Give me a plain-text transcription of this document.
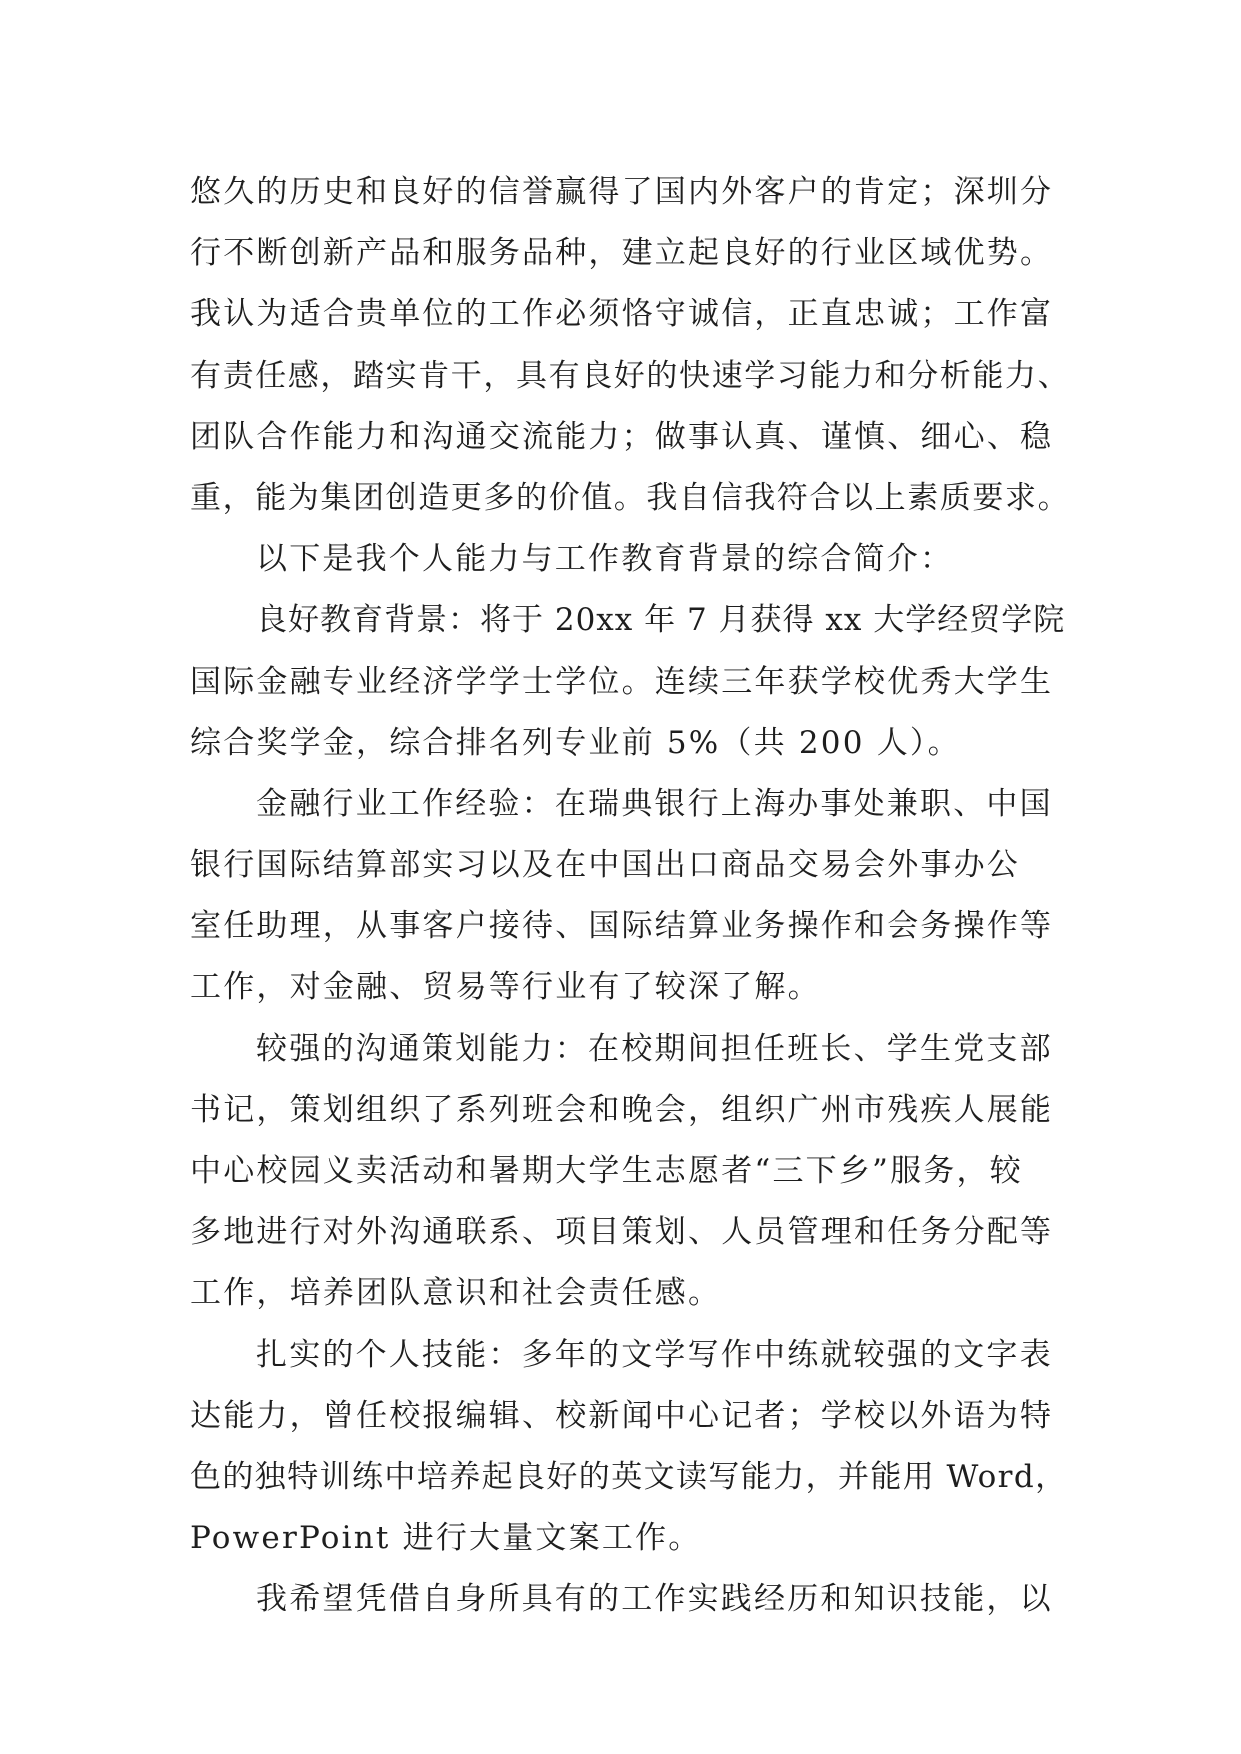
悠久的历史和良好的信誉赢得了国内外客户的肯定；深圳分
行不断创新产品和服务品种，建立起良好的行业区域优势。
我认为适合贵单位的工作必须恪守诚信，正直忠诚；工作富
有责任感，踏实肯干，具有良好的快速学习能力和分析能力、
团队合作能力和沟通交流能力；做事认真、谨慎、细心、稳
重，能为集团创造更多的价值。我自信我符合以上素质要求。
以下是我个人能力与工作教育背景的综合简介：
良好教育背景：将于 20xx 年 7 月获得 xx 大学经贸学院
国际金融专业经济学学士学位。连续三年获学校优秀大学生
综合奖学金，综合排名列专业前 5%（共 200 人）。
金融行业工作经验：在瑞典银行上海办事处兼职、中国
银行国际结算部实习以及在中国出口商品交易会外事办公
室任助理，从事客户接待、国际结算业务操作和会务操作等
工作，对金融、贸易等行业有了较深了解。
较强的沟通策划能力：在校期间担任班长、学生党支部
书记，策划组织了系列班会和晚会，组织广州市残疾人展能
中心校园义卖活动和暑期大学生志愿者“三下乡”服务，较
多地进行对外沟通联系、项目策划、人员管理和任务分配等
工作，培养团队意识和社会责任感。
扎实的个人技能：多年的文学写作中练就较强的文字表
达能力，曾任校报编辑、校新闻中心记者；学校以外语为特
色的独特训练中培养起良好的英文读写能力，并能用 Word，
PowerPoint 进行大量文案工作。
我希望凭借自身所具有的工作实践经历和知识技能，以
